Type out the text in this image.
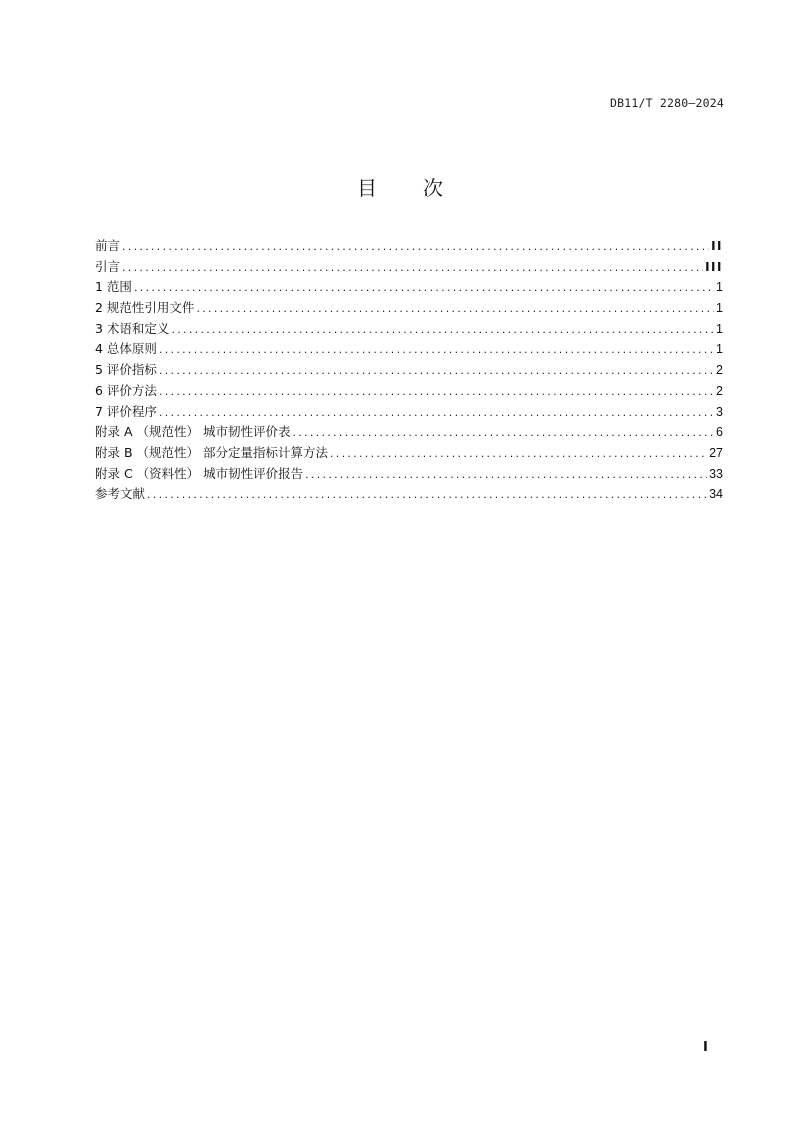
DB11/T 2280—2024
目 次
前言 .....	II
引言 .....	III
1 范围 .....	1
2 规范性引用文件 .....	1
3 术语和定义 .....	1
4 总体原则 .....	1
5 评价指标 .....	2
6 评价方法 .....	2
7 评价程序 .....	3
附录 A （规范性） 城市韧性评价表 .....	6
附录 B （规范性） 部分定量指标计算方法 .....	27
附录 C （资料性） 城市韧性评价报告 .....	33
参考文献 .....	34
I
